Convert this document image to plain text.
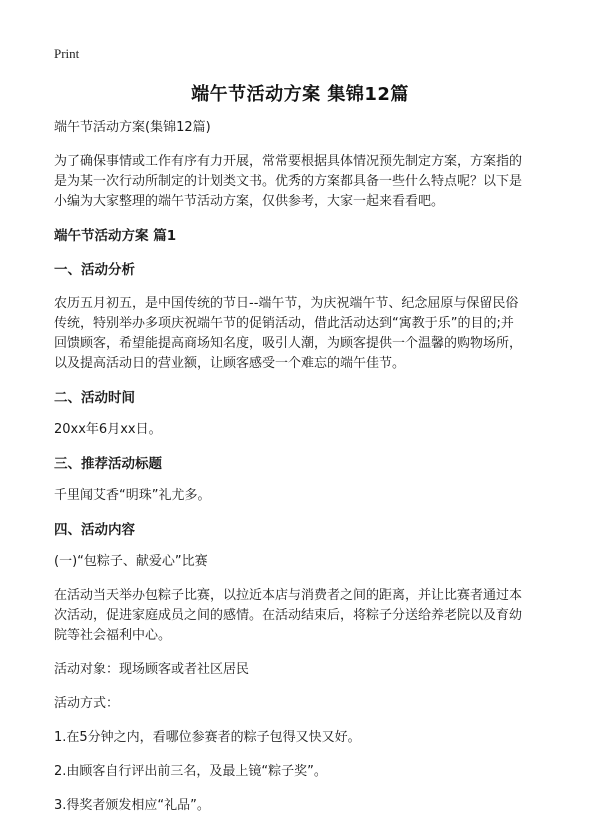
Print
端午节活动方案 集锦12篇

端午节活动方案(集锦12篇)

为了确保事情或工作有序有力开展，常常要根据具体情况预先制定方案，方案指的

是为某一次行动所制定的计划类文书。优秀的方案都具备一些什么特点呢？以下是

小编为大家整理的端午节活动方案，仅供参考，大家一起来看看吧。

端午节活动方案 篇1

一、活动分析

农历五月初五，是中国传统的节日--端午节，为庆祝端午节、纪念屈原与保留民俗

传统，特别举办多项庆祝端午节的促销活动，借此活动达到“寓教于乐”的目的;并

回馈顾客，希望能提高商场知名度，吸引人潮，为顾客提供一个温馨的购物场所，

以及提高活动日的营业额，让顾客感受一个难忘的端午佳节。

二、活动时间

20xx年6月xx日。

三、推荐活动标题

千里闻艾香“明珠”礼尤多。

四、活动内容

(一)“包粽子、献爱心”比赛

在活动当天举办包粽子比赛，以拉近本店与消费者之间的距离，并让比赛者通过本

次活动，促进家庭成员之间的感情。在活动结束后，将粽子分送给养老院以及育幼

院等社会福利中心。

活动对象：现场顾客或者社区居民

活动方式：

1.在5分钟之内，看哪位参赛者的粽子包得又快又好。

2.由顾客自行评出前三名，及最上镜“粽子奖”。

3.得奖者颁发相应“礼品”。
